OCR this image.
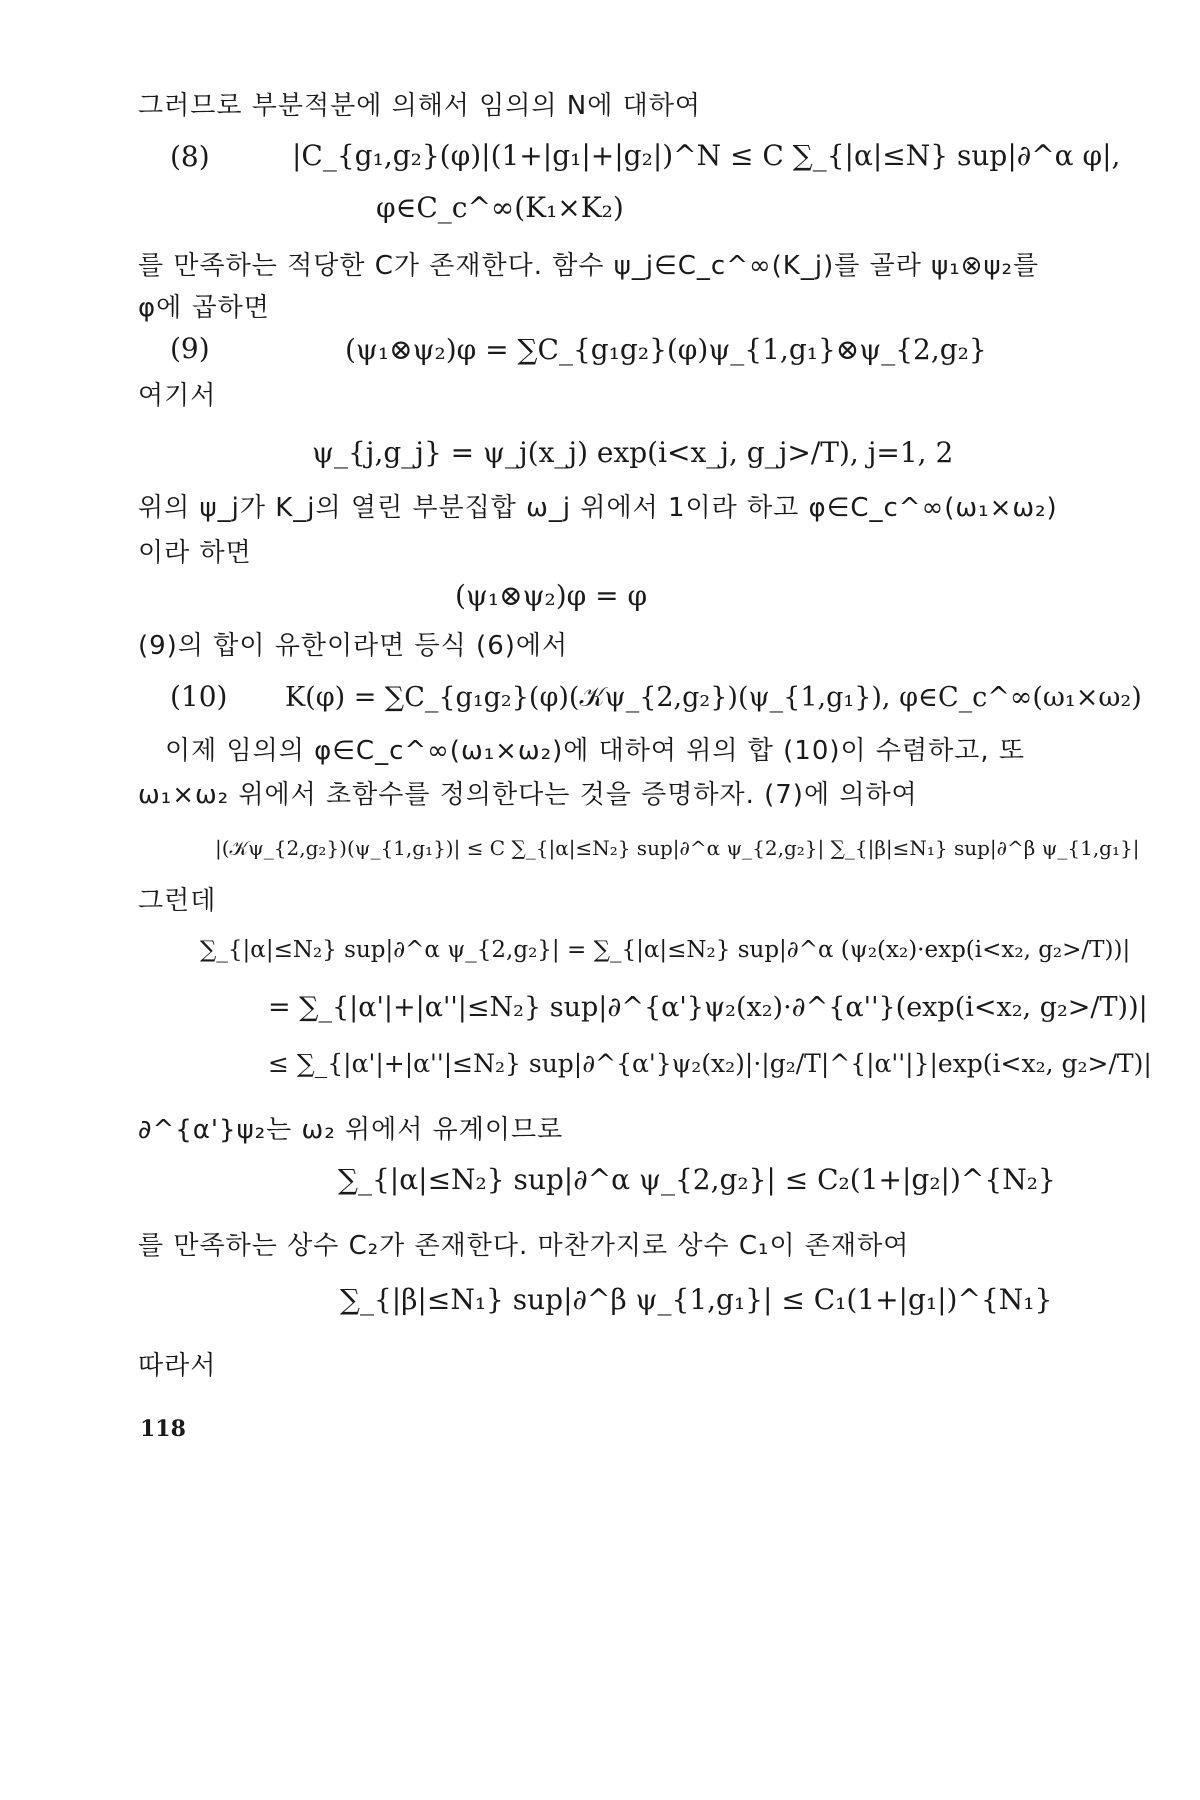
그러므로 부분적분에 의해서 임의의 N에 대하여
(8)	|C_{g₁,g₂}(φ)|(1+|g₁|+|g₂|)^N ≤ C ∑_{|α|≤N} sup|∂^α φ|,
φ∈C_c^∞(K₁×K₂)
를 만족하는 적당한 C가 존재한다. 함수 ψ_j∈C_c^∞(K_j)를 골라 ψ₁⊗ψ₂를
φ에 곱하면
(9)	(ψ₁⊗ψ₂)φ = ∑C_{g₁g₂}(φ)ψ_{1,g₁}⊗ψ_{2,g₂}
여기서
ψ_{j,g_j} = ψ_j(x_j) exp(i<x_j, g_j>/T), j=1, 2
위의 ψ_j가 K_j의 열린 부분집합 ω_j 위에서 1이라 하고 φ∈C_c^∞(ω₁×ω₂)
이라 하면
(ψ₁⊗ψ₂)φ = φ
(9)의 합이 유한이라면 등식 (6)에서
(10) K(φ) = ∑C_{g₁g₂}(φ)(𝒦ψ_{2,g₂})(ψ_{1,g₁}), φ∈C_c^∞(ω₁×ω₂)
이제 임의의 φ∈C_c^∞(ω₁×ω₂)에 대하여 위의 합 (10)이 수렴하고, 또
ω₁×ω₂ 위에서 초함수를 정의한다는 것을 증명하자. (7)에 의하여
|(𝒦ψ_{2,g₂})(ψ_{1,g₁})| ≤ C ∑_{|α|≤N₂} sup|∂^α ψ_{2,g₂}| ∑_{|β|≤N₁} sup|∂^β ψ_{1,g₁}|
그런데
∑_{|α|≤N₂} sup|∂^α ψ_{2,g₂}| = ∑_{|α|≤N₂} sup|∂^α (ψ₂(x₂)·exp(i<x₂, g₂>/T))|
= ∑_{|α'|+|α''|≤N₂} sup|∂^{α'}ψ₂(x₂)·∂^{α''}(exp(i<x₂, g₂>/T))|
≤ ∑_{|α'|+|α''|≤N₂} sup|∂^{α'}ψ₂(x₂)|·|g₂/T|^{|α''|}|exp(i<x₂, g₂>/T)|
∂^{α'}ψ₂는 ω₂ 위에서 유계이므로
∑_{|α|≤N₂} sup|∂^α ψ_{2,g₂}| ≤ C₂(1+|g₂|)^{N₂}
를 만족하는 상수 C₂가 존재한다. 마찬가지로 상수 C₁이 존재하여
∑_{|β|≤N₁} sup|∂^β ψ_{1,g₁}| ≤ C₁(1+|g₁|)^{N₁}
따라서
118
